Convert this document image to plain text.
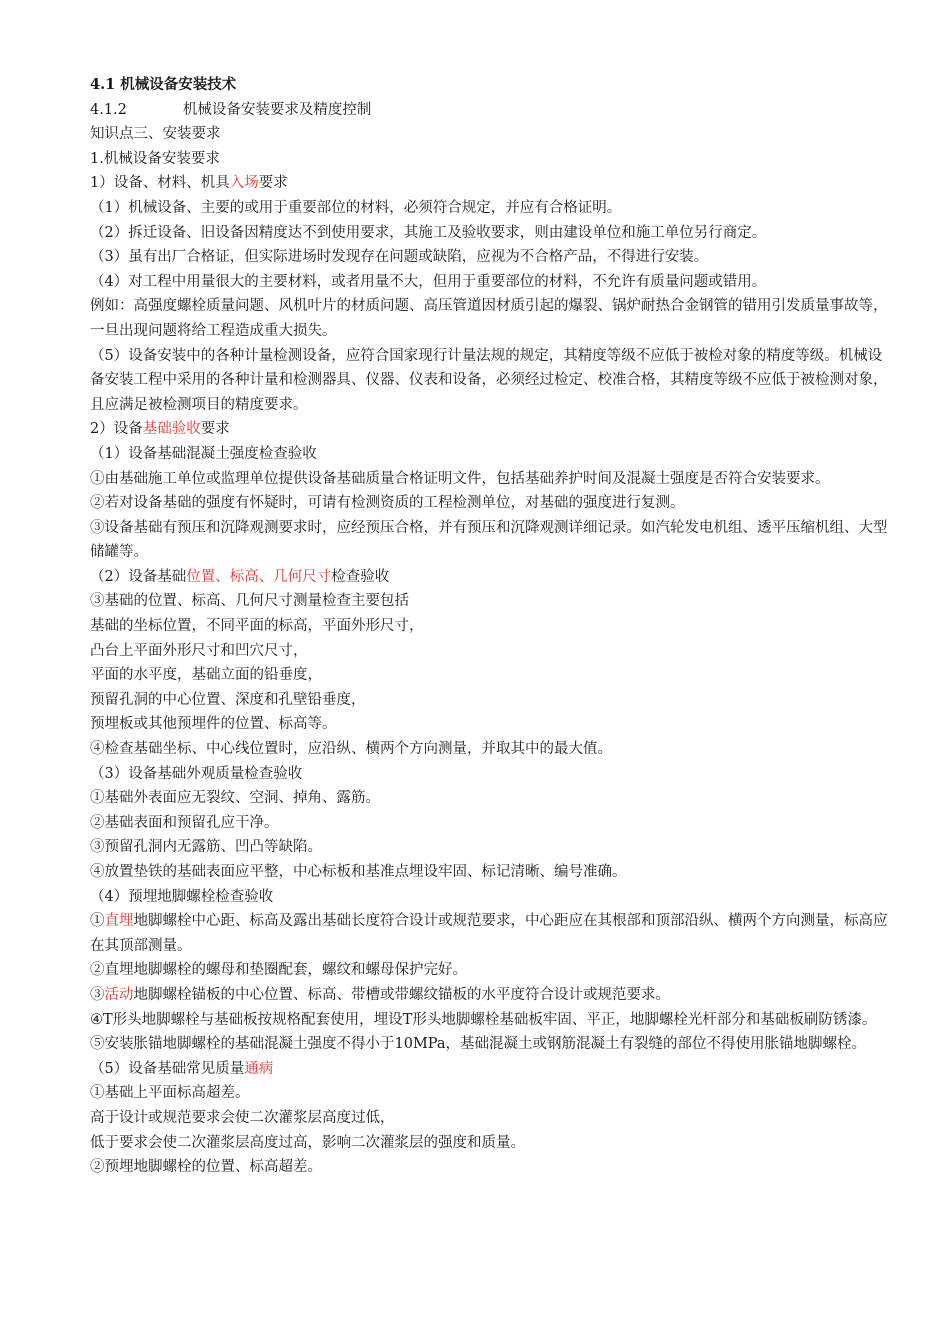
4.1 机械设备安装技术
4.1.2	机械设备安装要求及精度控制
知识点三、安装要求
1.机械设备安装要求
1）设备、材料、机具入场要求
（1）机械设备、主要的或用于重要部位的材料，必须符合规定，并应有合格证明。
（2）拆迁设备、旧设备因精度达不到使用要求，其施工及验收要求，则由建设单位和施工单位另行商定。
（3）虽有出厂合格证，但实际进场时发现存在问题或缺陷，应视为不合格产品，不得进行安装。
（4）对工程中用量很大的主要材料，或者用量不大，但用于重要部位的材料，不允许有质量问题或错用。
例如：高强度螺栓质量问题、风机叶片的材质问题、高压管道因材质引起的爆裂、锅炉耐热合金钢管的错用引发质量事故等，一旦出现问题将给工程造成重大损失。
（5）设备安装中的各种计量检测设备，应符合国家现行计量法规的规定，其精度等级不应低于被检对象的精度等级。机械设备安装工程中采用的各种计量和检测器具、仪器、仪表和设备，必须经过检定、校准合格，其精度等级不应低于被检测对象，且应满足被检测项目的精度要求。
2）设备基础验收要求
（1）设备基础混凝土强度检查验收
①由基础施工单位或监理单位提供设备基础质量合格证明文件，包括基础养护时间及混凝土强度是否符合安装要求。
②若对设备基础的强度有怀疑时，可请有检测资质的工程检测单位，对基础的强度进行复测。
③设备基础有预压和沉降观测要求时，应经预压合格，并有预压和沉降观测详细记录。如汽轮发电机组、透平压缩机组、大型储罐等。
（2）设备基础位置、标高、几何尺寸检查验收
③基础的位置、标高、几何尺寸测量检查主要包括
基础的坐标位置，不同平面的标高，平面外形尺寸，
凸台上平面外形尺寸和凹穴尺寸，
平面的水平度，基础立面的铅垂度，
预留孔洞的中心位置、深度和孔壁铅垂度，
预埋板或其他预埋件的位置、标高等。
④检查基础坐标、中心线位置时，应沿纵、横两个方向测量，并取其中的最大值。
（3）设备基础外观质量检查验收
①基础外表面应无裂纹、空洞、掉角、露筋。
②基础表面和预留孔应干净。
③预留孔洞内无露筋、凹凸等缺陷。
④放置垫铁的基础表面应平整，中心标板和基准点埋设牢固、标记清晰、编号准确。
（4）预埋地脚螺栓检查验收
①直埋地脚螺栓中心距、标高及露出基础长度符合设计或规范要求，中心距应在其根部和顶部沿纵、横两个方向测量，标高应在其顶部测量。
②直埋地脚螺栓的螺母和垫圈配套，螺纹和螺母保护完好。
③活动地脚螺栓锚板的中心位置、标高、带槽或带螺纹锚板的水平度符合设计或规范要求。
④T形头地脚螺栓与基础板按规格配套使用，埋设T形头地脚螺栓基础板牢固、平正，地脚螺栓光杆部分和基础板刷防锈漆。
⑤安装胀锚地脚螺栓的基础混凝土强度不得小于10MPa，基础混凝土或钢筋混凝土有裂缝的部位不得使用胀锚地脚螺栓。
（5）设备基础常见质量通病
①基础上平面标高超差。
高于设计或规范要求会使二次灌浆层高度过低，
低于要求会使二次灌浆层高度过高，影响二次灌浆层的强度和质量。
②预埋地脚螺栓的位置、标高超差。
